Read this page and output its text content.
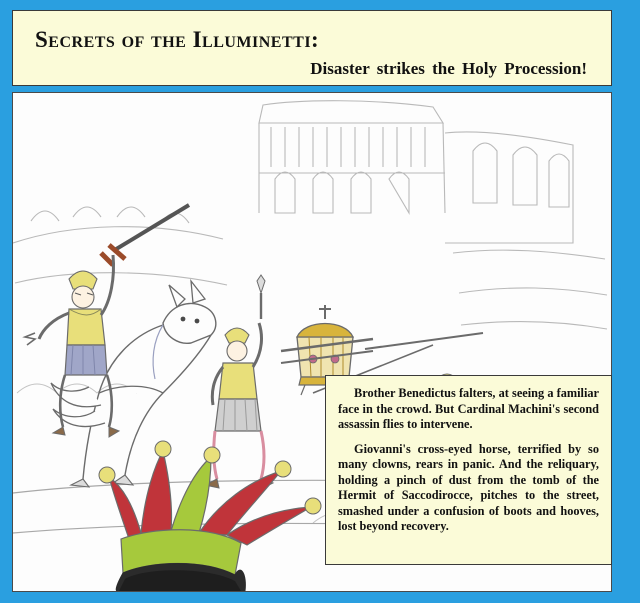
Secrets of the Illuminetti:
Disaster strikes the Holy Procession!

Brother Benedictus falters, at seeing a familiar face in the crowd. But Cardinal Machini's second assassin flies to intervene.

Giovanni's cross-eyed horse, terrified by so many clowns, rears in panic. And the reliquary, holding a pinch of dust from the tomb of the Hermit of Saccodirocce, pitches to the street, smashed under a confusion of boots and hooves, lost beyond recovery.
